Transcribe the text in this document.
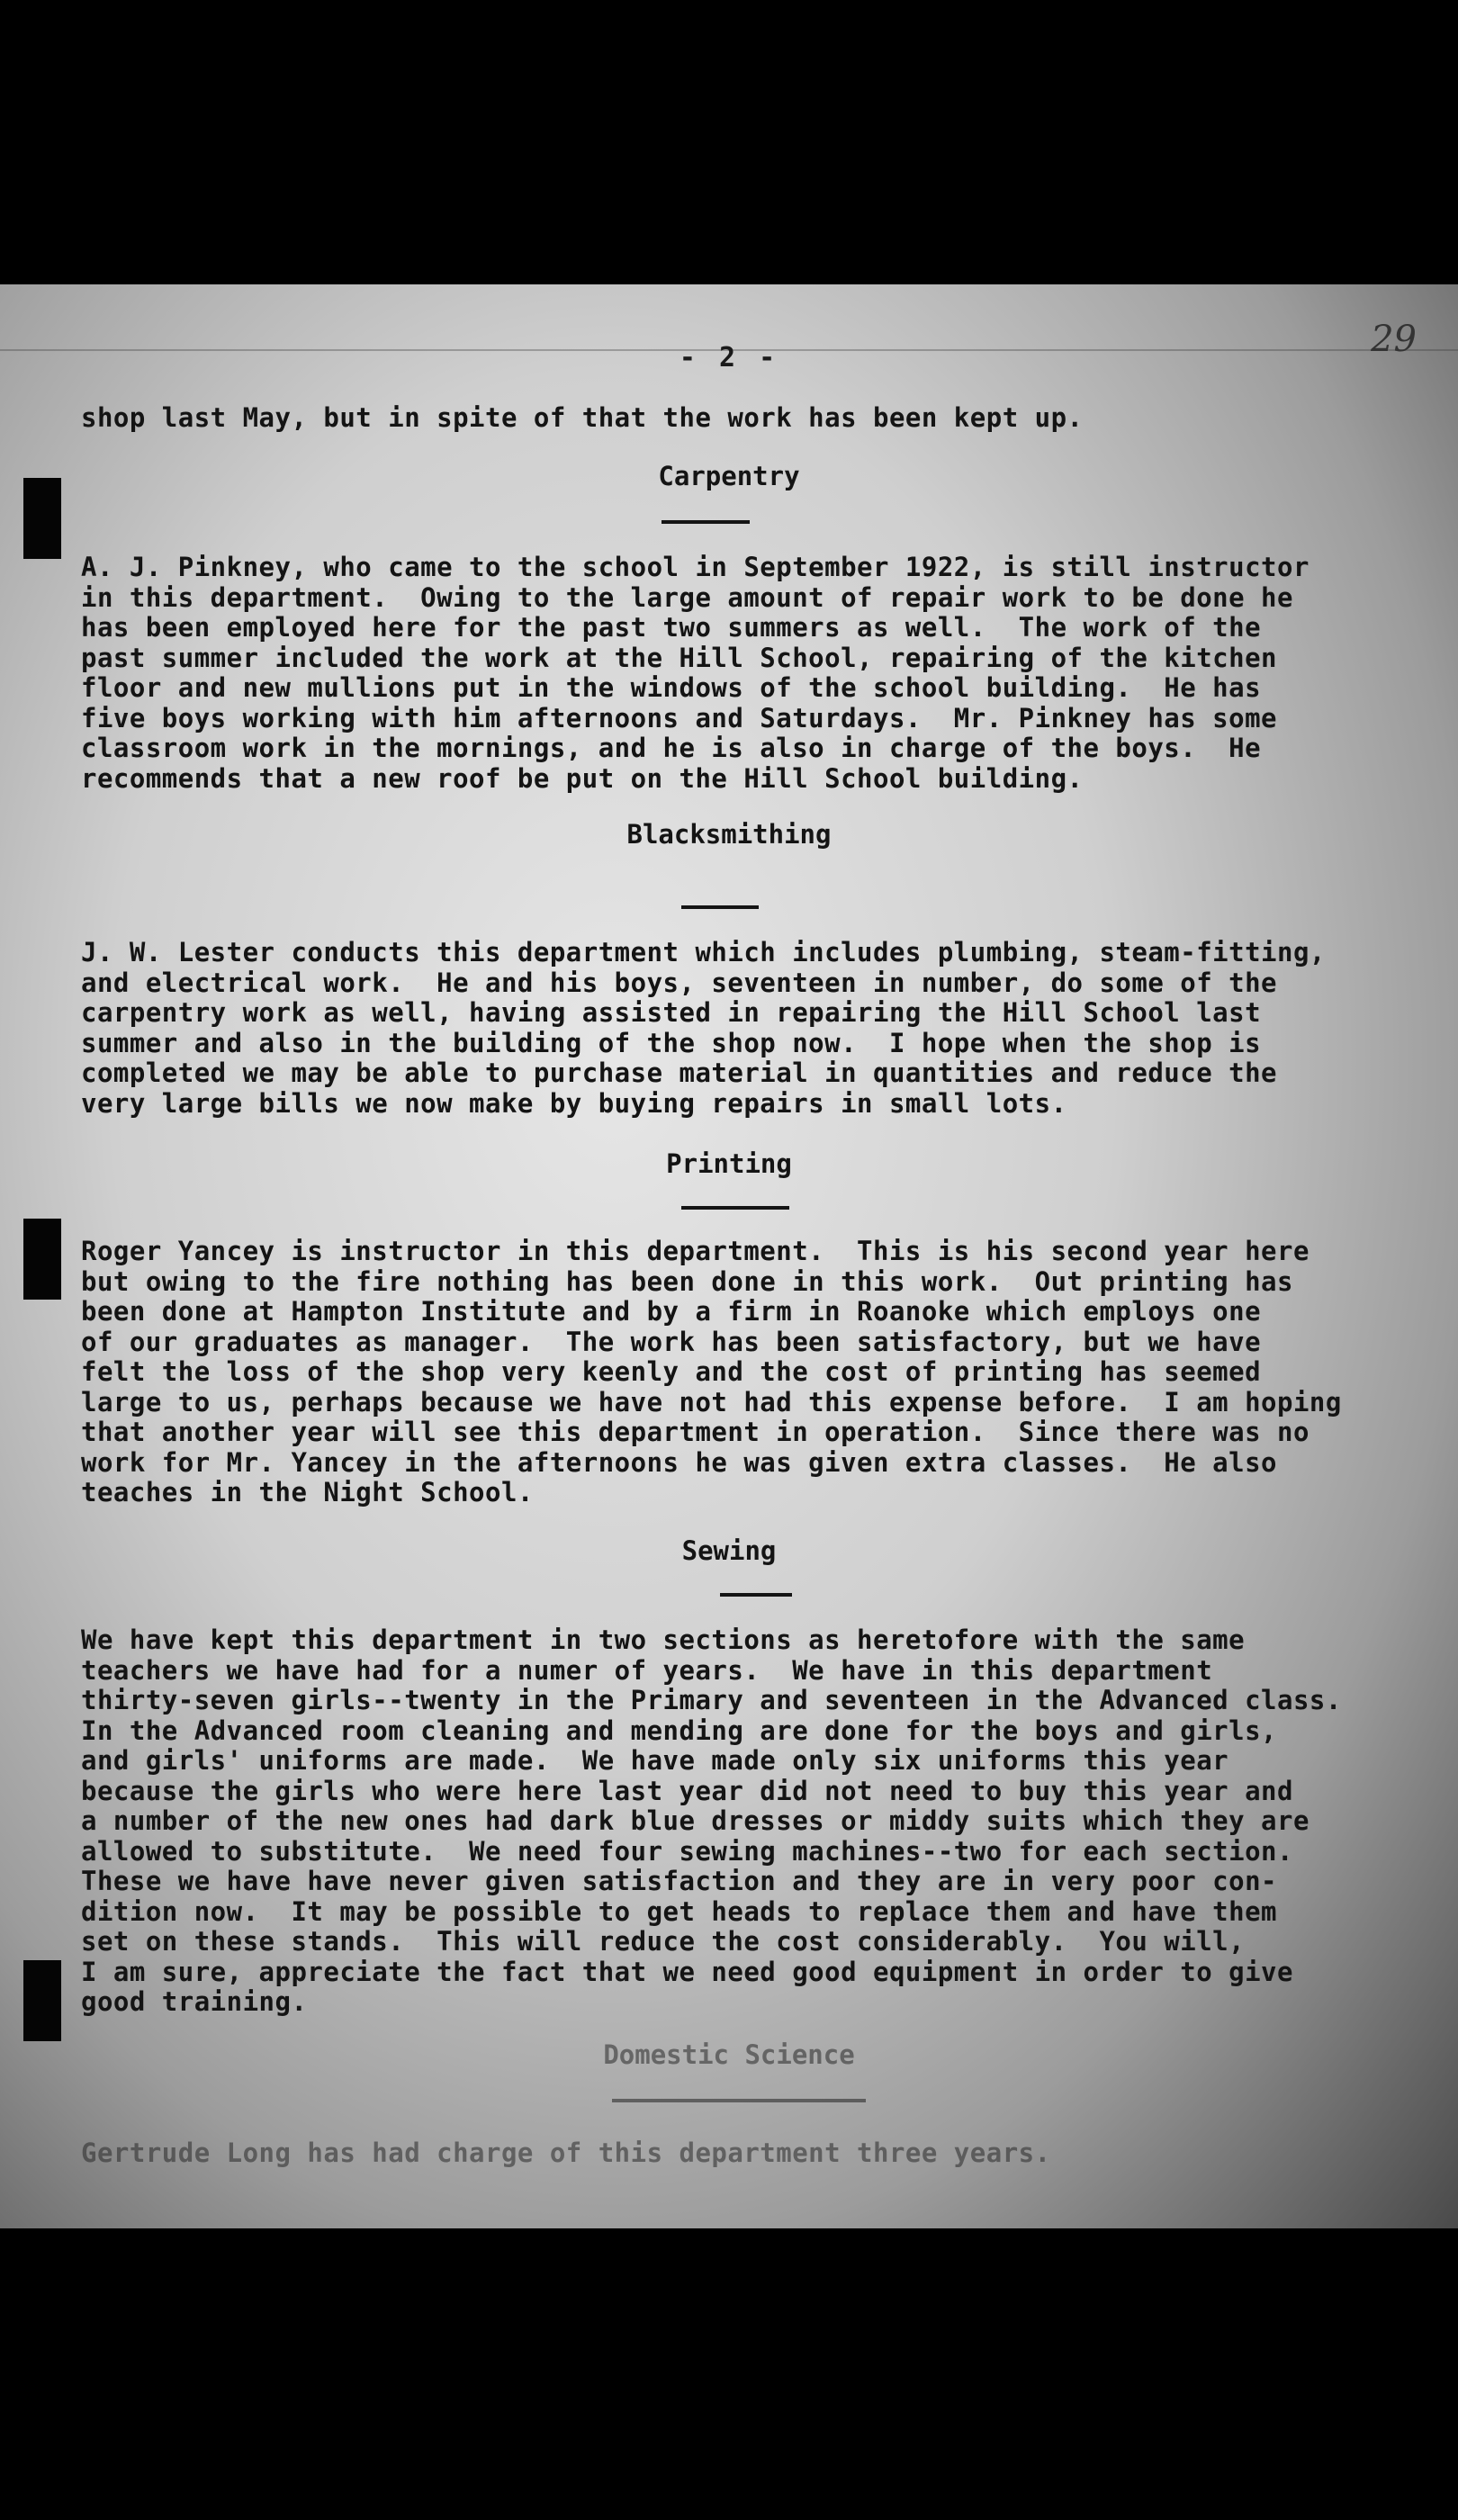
- 2 -	29

shop last May, but in spite of that the work has been kept up.

Carpentry

A. J. Pinkney, who came to the school in September 1922, is still instructor
in this department.  Owing to the large amount of repair work to be done he
has been employed here for the past two summers as well.  The work of the
past summer included the work at the Hill School, repairing of the kitchen
floor and new mullions put in the windows of the school building.  He has
five boys working with him afternoons and Saturdays.  Mr. Pinkney has some
classroom work in the mornings, and he is also in charge of the boys.  He
recommends that a new roof be put on the Hill School building.

Blacksmithing

J. W. Lester conducts this department which includes plumbing, steam-fitting,
and electrical work.  He and his boys, seventeen in number, do some of the
carpentry work as well, having assisted in repairing the Hill School last
summer and also in the building of the shop now.  I hope when the shop is
completed we may be able to purchase material in quantities and reduce the
very large bills we now make by buying repairs in small lots.

Printing

Roger Yancey is instructor in this department.  This is his second year here
but owing to the fire nothing has been done in this work.  Out printing has
been done at Hampton Institute and by a firm in Roanoke which employs one
of our graduates as manager.  The work has been satisfactory, but we have
felt the loss of the shop very keenly and the cost of printing has seemed
large to us, perhaps because we have not had this expense before.  I am hoping
that another year will see this department in operation.  Since there was no
work for Mr. Yancey in the afternoons he was given extra classes.  He also
teaches in the Night School.

Sewing

We have kept this department in two sections as heretofore with the same
teachers we have had for a numer of years.  We have in this department
thirty-seven girls--twenty in the Primary and seventeen in the Advanced class.
In the Advanced room cleaning and mending are done for the boys and girls,
and girls' uniforms are made.  We have made only six uniforms this year
because the girls who were here last year did not need to buy this year and
a number of the new ones had dark blue dresses or middy suits which they are
allowed to substitute.  We need four sewing machines--two for each section.
These we have have never given satisfaction and they are in very poor con-
dition now.  It may be possible to get heads to replace them and have them
set on these stands.  This will reduce the cost considerably.  You will,
I am sure, appreciate the fact that we need good equipment in order to give
good training.

Domestic Science

Gertrude Long has had charge of this department three years.
